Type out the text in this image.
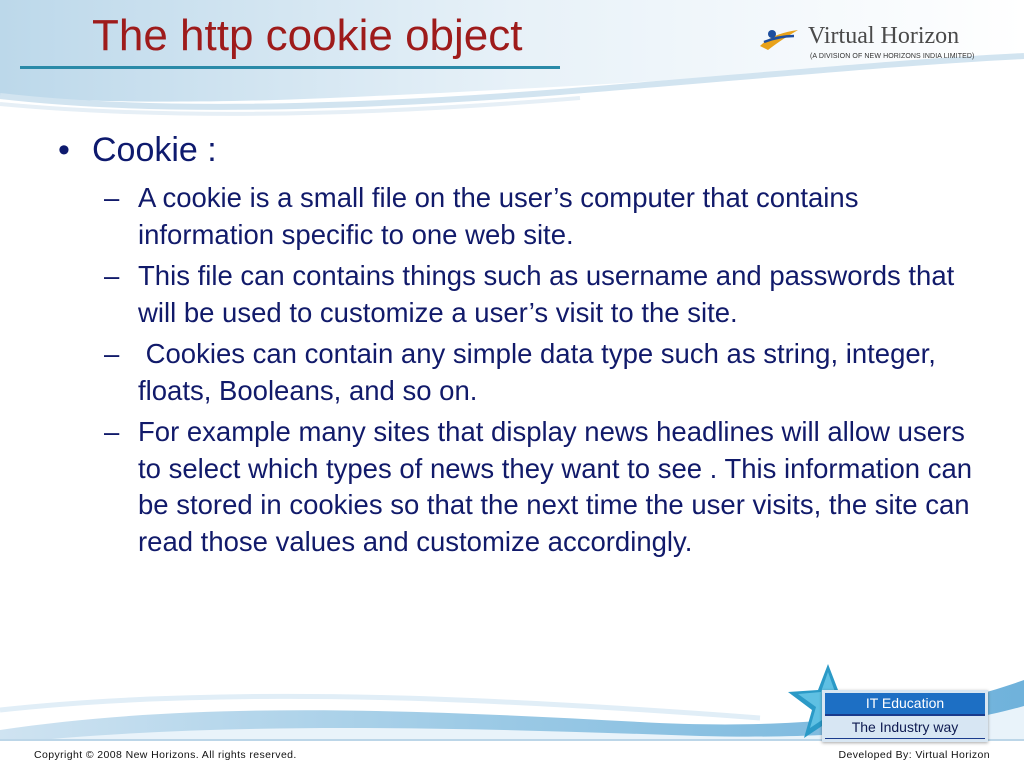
The http cookie object	Virtual Horizon
(A DIVISION OF NEW HORIZONS INDIA LIMITED)
• Cookie :
– A cookie is a small file on the user’s computer that contains information specific to one web site.
– This file can contains things such as username and passwords that will be used to customize a user’s visit to the site.
– Cookies can contain any simple data type such as string, integer, floats, Booleans, and so on.
– For example many sites that display news headlines will allow users to select which types of news they want to see . This information can be stored in cookies so that the next time the user visits, the site can read those values and customize accordingly.
Copyright © 2008 New Horizons. All rights reserved.	Developed By: Virtual Horizon
IT Education
The Industry way
